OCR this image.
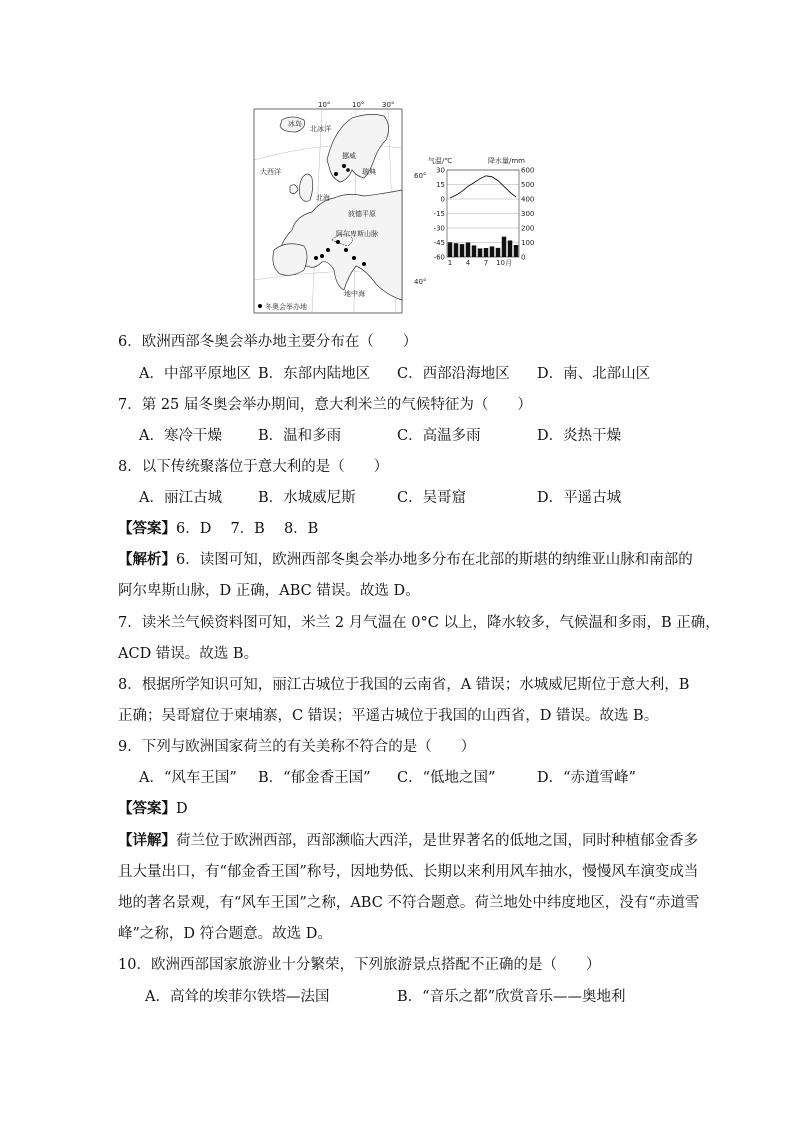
10°	10°	30°
60°
40°
冰岛
北冰洋
大西洋
北海
挪威
瑞典
波德平原
阿尔卑斯山脉
地中海
冬奥会举办地
气温/℃	降水量/mm
30
15
0
-15
-30
-45
-60
600
500
400
300
200
100
0
1 4 7 10月
6．欧洲西部冬奥会举办地主要分布在（　　）
A．中部平原地区 B．东部内陆地区 C．西部沿海地区 D．南、北部山区
7．第 25 届冬奥会举办期间，意大利米兰的气候特征为（　　）
A．寒冷干燥 B．温和多雨	C．高温多雨	D．炎热干燥
8．以下传统聚落位于意大利的是（　　）
A．丽江古城 B．水城威尼斯	C．吴哥窟	D．平遥古城
【答案】6．D　 7．B　 8．B
【解析】6．读图可知，欧洲西部冬奥会举办地多分布在北部的斯堪的纳维亚山脉和南部的
阿尔卑斯山脉，D 正确，ABC 错误。故选 D。
7．读米兰气候资料图可知，米兰 2 月气温在 0°C 以上，降水较多，气候温和多雨，B 正确，
ACD 错误。故选 B。
8．根据所学知识可知，丽江古城位于我国的云南省，A 错误；水城威尼斯位于意大利，B
正确；吴哥窟位于柬埔寨，C 错误；平遥古城位于我国的山西省，D 错误。故选 B。
9．下列与欧洲国家荷兰的有关美称不符合的是（　　）
A．“风车王国” B．“郁金香王国” C．“低地之国”	D．“赤道雪峰”
【答案】D
【详解】荷兰位于欧洲西部，西部濒临大西洋，是世界著名的低地之国，同时种植郁金香多
且大量出口，有“郁金香王国”称号，因地势低、长期以来利用风车抽水，慢慢风车演变成当
地的著名景观，有“风车王国”之称，ABC 不符合题意。荷兰地处中纬度地区，没有“赤道雪
峰”之称，D 符合题意。故选 D。
10．欧洲西部国家旅游业十分繁荣，下列旅游景点搭配不正确的是（　　）
A．高耸的埃菲尔铁塔—法国	B．“音乐之都”欣赏音乐——奥地利
